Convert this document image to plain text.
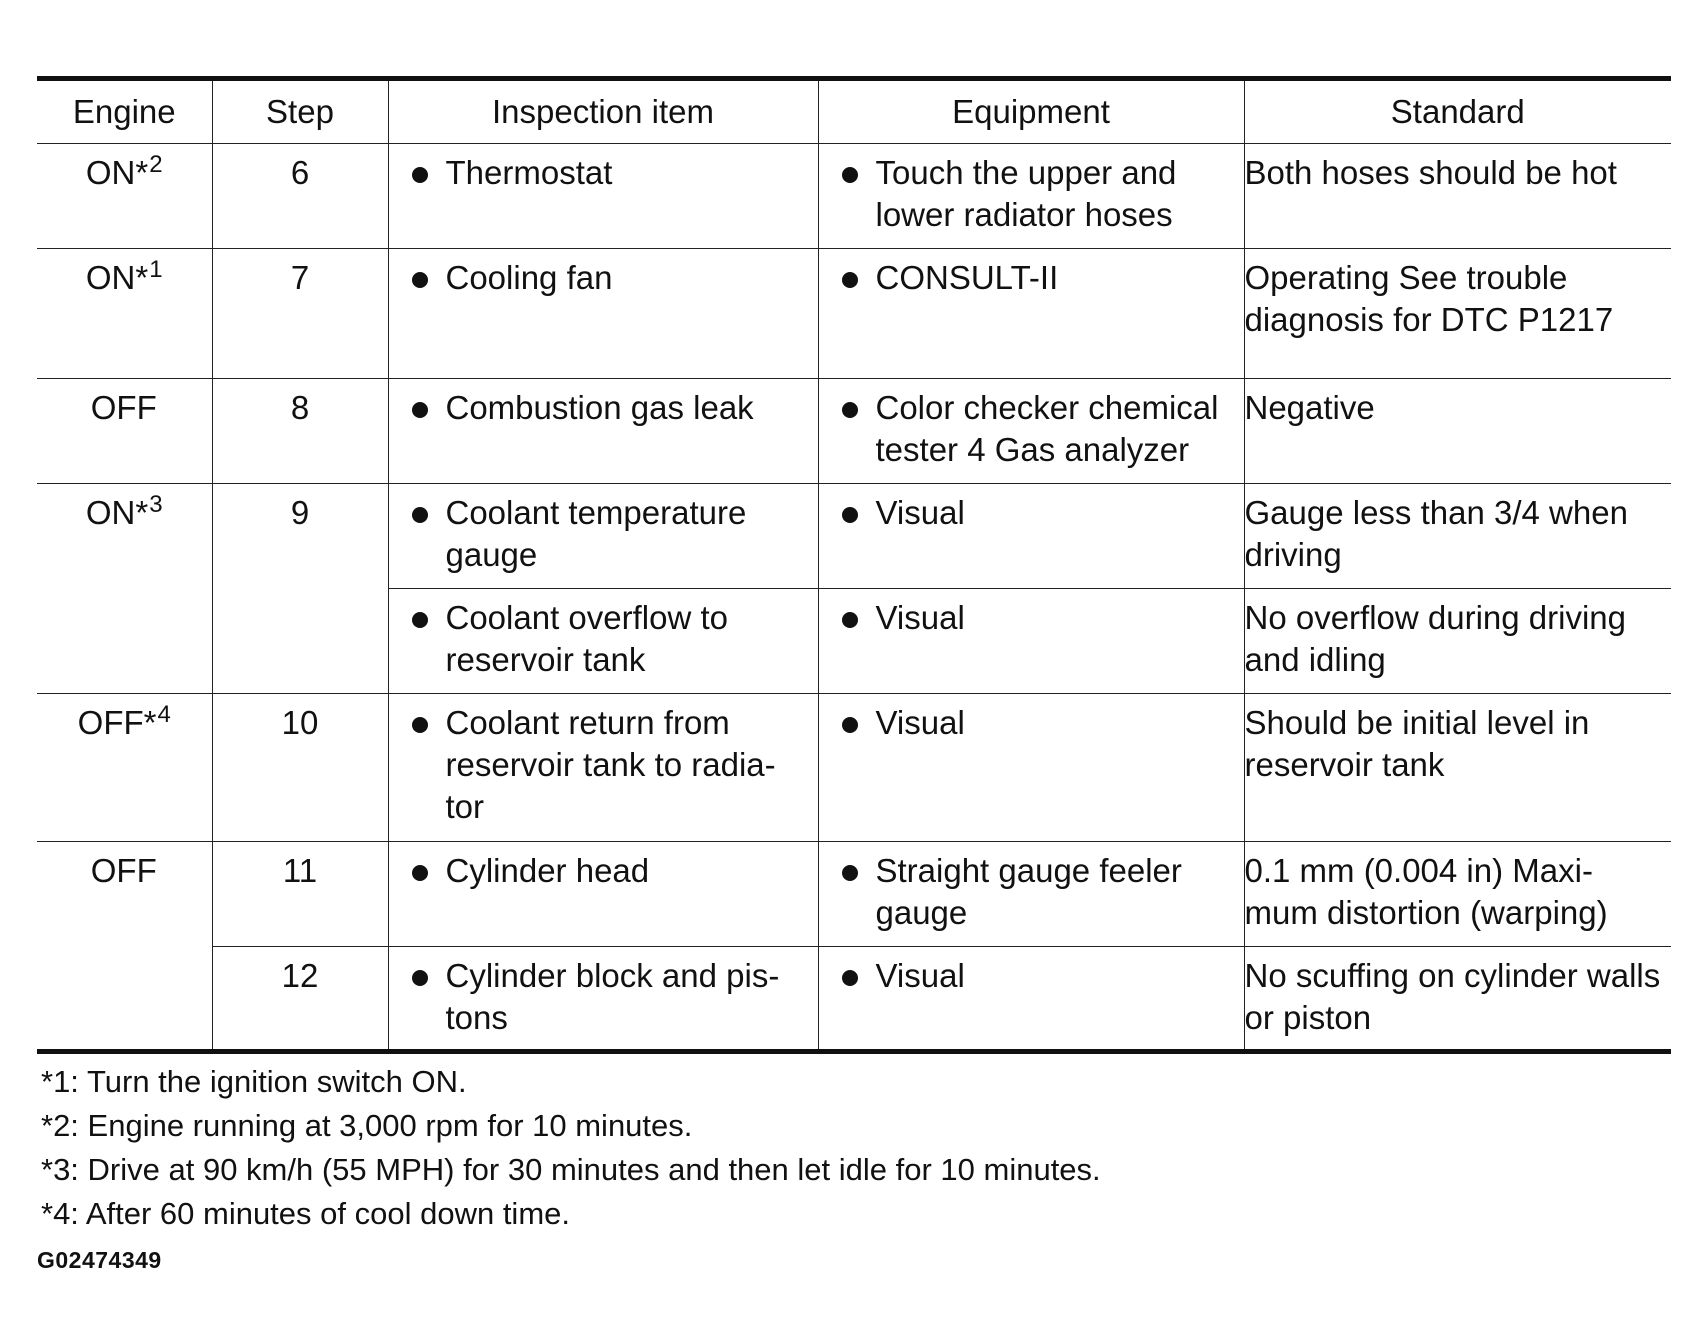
Engine	Step	Inspection item	Equipment	Standard
ON*$^2$	6	Thermostat	Touch the upper and lower radiator hoses	Both hoses should be hot
ON*$^1$	7	Cooling fan	CONSULT-II	Operating See trouble diagnosis for DTC P1217
OFF	8	Combustion gas leak	Color checker chemical tester 4 Gas analyzer	Negative
ON*$^3$	9	Coolant temperature gauge	Visual	Gauge less than 3/4 when driving

		Coolant overflow to reservoir tank	Visual	No overflow during driving and idling
OFF*$^4$	10	Coolant return from reservoir tank to radia- tor	Visual	Should be initial level in reservoir tank
OFF	11	Cylinder head	Straight gauge feeler gauge	0.1 mm (0.004 in) Maxi- mum distortion (warping)
	12	Cylinder block and pis- tons	Visual	No scuffing on cylinder walls or piston
*1: Turn the ignition switch ON.
*2: Engine running at 3,000 rpm for 10 minutes.
*3: Drive at 90 km/h (55 MPH) for 30 minutes and then let idle for 10 minutes.
*4: After 60 minutes of cool down time.
G02474349
